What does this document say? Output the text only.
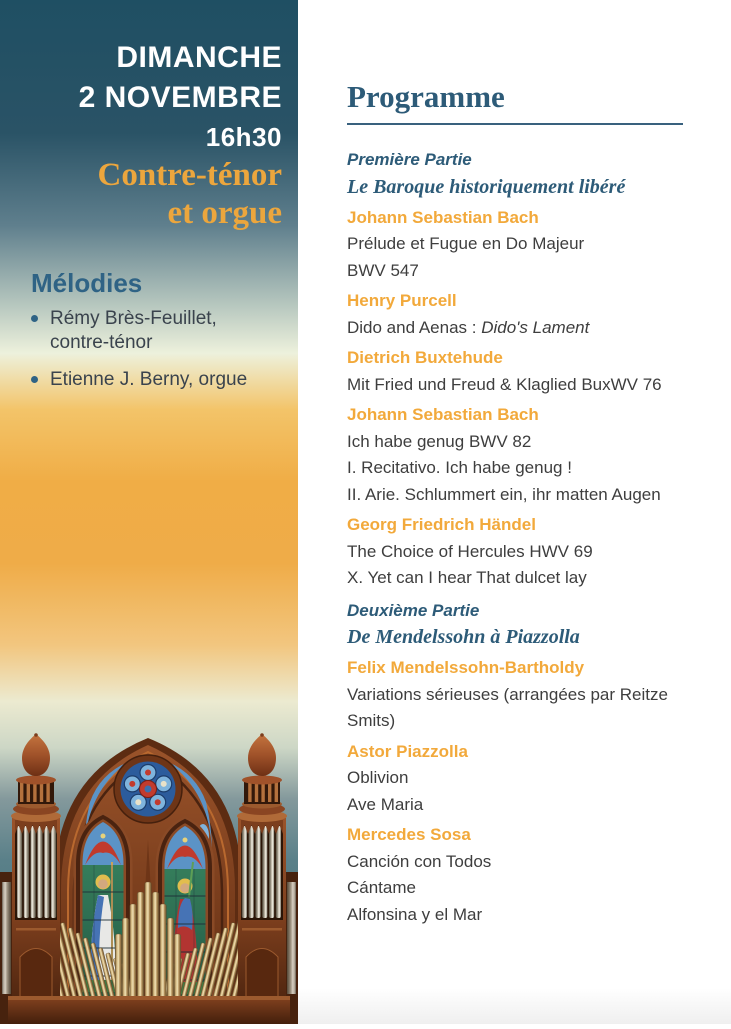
DIMANCHE
2 NOVEMBRE
16h30
Contre-ténor
et orgue
Mélodies
Rémy Brès-Feuillet,
contre-ténor
Etienne J. Berny, orgue
Programme
Première Partie
Le Baroque historiquement libéré
Johann Sebastian Bach
Prélude et Fugue en Do Majeur
BWV 547
Henry Purcell
Dido and Aenas : Dido's Lament
Dietrich Buxtehude
Mit Fried und Freud & Klaglied BuxWV 76
Johann Sebastian Bach
Ich habe genug BWV 82
I. Recitativo. Ich habe genug !
II. Arie. Schlummert ein, ihr matten Augen
Georg Friedrich Händel
The Choice of Hercules HWV 69
X. Yet can I hear That dulcet lay
Deuxième Partie
De Mendelssohn à Piazzolla
Felix Mendelssohn-Bartholdy
Variations sérieuses (arrangées par Reitze Smits)
Astor Piazzolla
Oblivion
Ave Maria
Mercedes Sosa
Canción con Todos
Cántame
Alfonsina y el Mar
